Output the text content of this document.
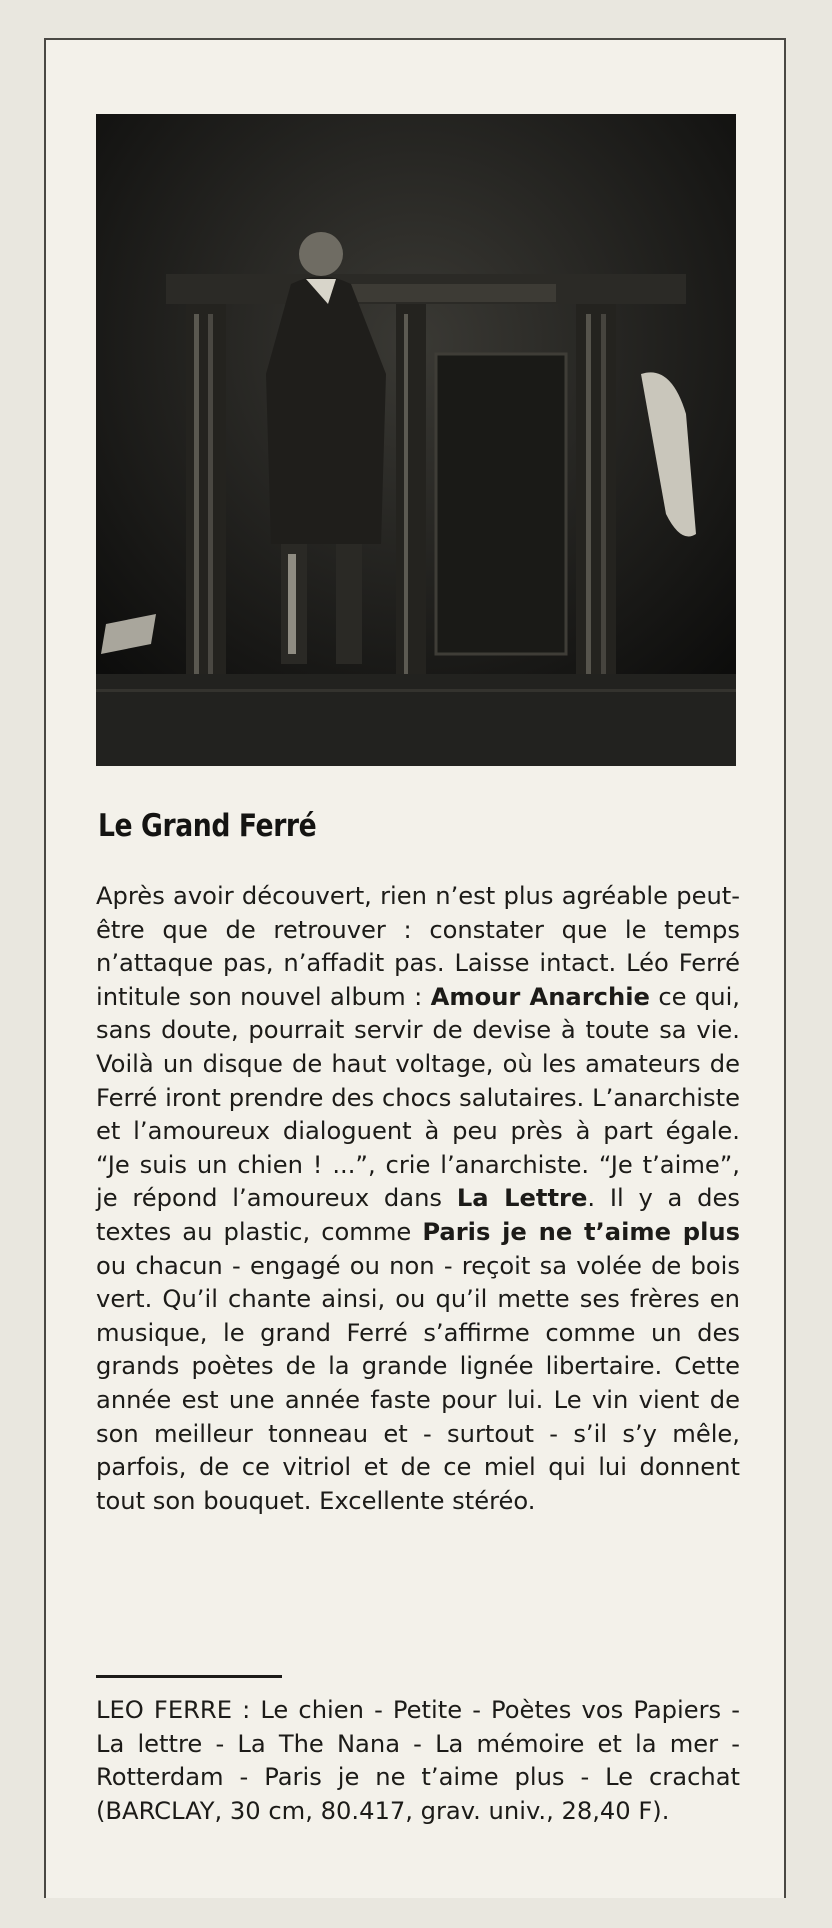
Le Grand Ferré

Après avoir découvert, rien n’est plus agréable peut-être que de retrouver : constater que le temps n’attaque pas, n’affadit pas. Laisse intact. Léo Ferré intitule son nouvel album : Amour Anarchie ce qui, sans doute, pourrait servir de devise à toute sa vie. Voilà un disque de haut voltage, où les amateurs de Ferré iront prendre des chocs salutaires. L’anarchiste et l’amoureux dialoguent à peu près à part égale. “Je suis un chien ! ...”, crie l’anarchiste. “Je t’aime”, je répond l’amoureux dans La Lettre. Il y a des textes au plastic, comme Paris je ne t’aime plus ou chacun - engagé ou non - reçoit sa volée de bois vert. Qu’il chante ainsi, ou qu’il mette ses frères en musique, le grand Ferré s’affirme comme un des grands poètes de la grande lignée libertaire. Cette année est une année faste pour lui. Le vin vient de son meilleur tonneau et - surtout - s’il s’y mêle, parfois, de ce vitriol et de ce miel qui lui donnent tout son bouquet. Excellente stéréo.

LEO FERRE : Le chien - Petite - Poètes vos Papiers - La lettre - La The Nana - La mémoire et la mer - Rotterdam - Paris je ne t’aime plus - Le crachat (BARCLAY, 30 cm, 80.417, grav. univ., 28,40 F).
